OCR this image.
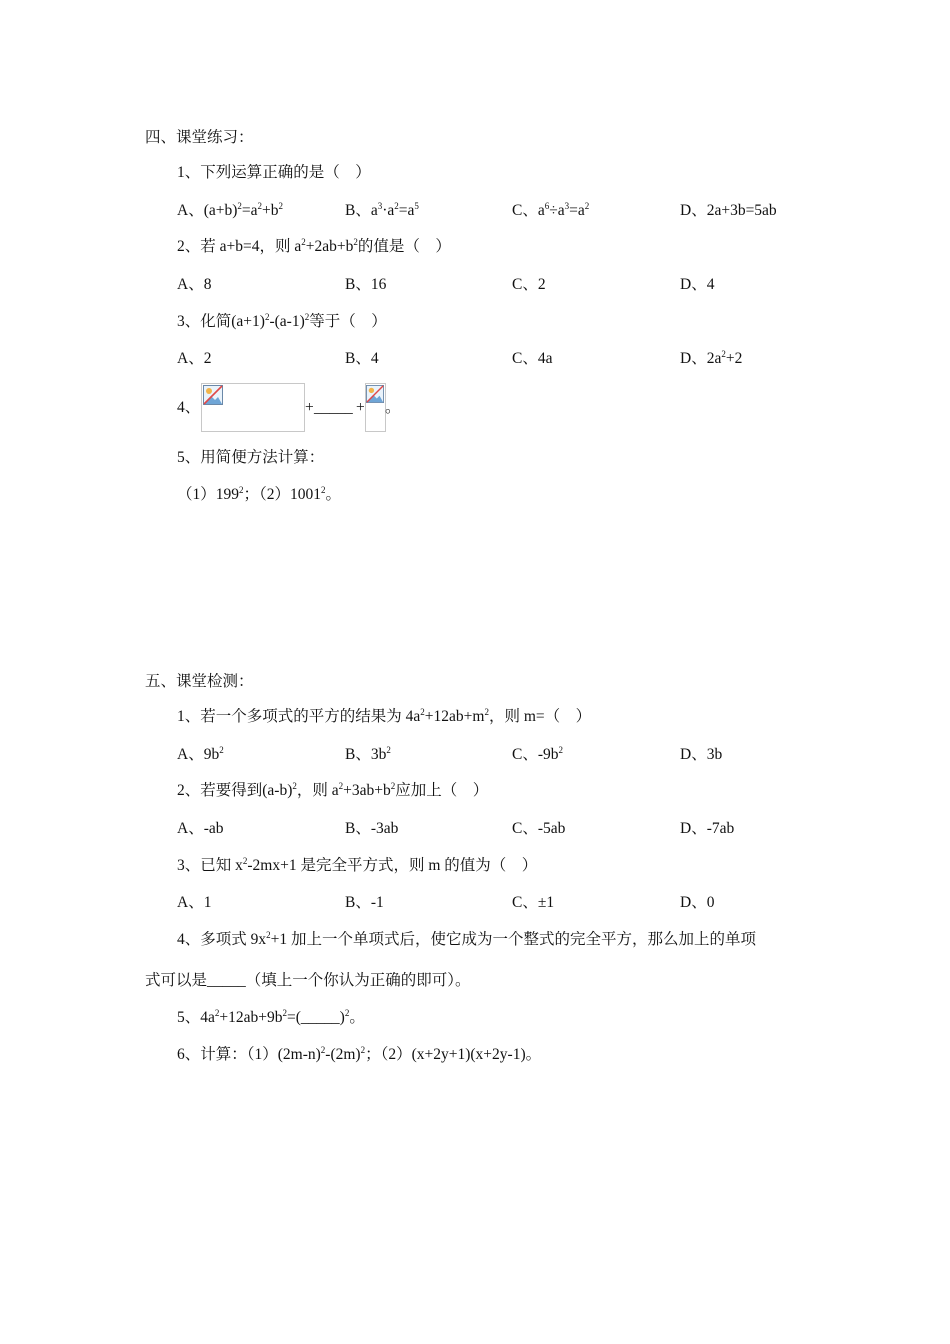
四、课堂练习：
1、下列运算正确的是（　）
A、$(a+b)^2=a^2+b^2$	B、$a^3\cdot a^2=a^5$	C、$a^6\div a^3=a^2$	D、2a+3b=5ab
2、若 a+b=4，则 $a^2+2ab+b^2$的值是（　）
A、8	B、16	C、2	D、4
3、化简$(a+1)^2-(a-1)^2$等于（　）
A、2	B、4	C、4a	D、$2a^2+2$
4、	+ _____ + 。
5、用简便方法计算：
$(1)199^2$；（2）1001$^2$。
五、课堂检测：
1、若一个多项式的平方的结果为 $4a^2+12ab+m^2$，则 m=（　）
A、$9b^2$	B、$3b^2$	C、$-9b^2$	D、3b
2、若要得到$(a-b)^2$，则 $a^2+3ab+b^2$应加上（　）
A、-ab	B、-3ab	C、-5ab	D、-7ab
3、已知 $x^2-2mx+1$ 是完全平方式，则 m 的值为（　）
A、1	B、-1	C、±1	D、0
4、多项式 $9x^2+1$ 加上一个单项式后，使它成为一个整式的完全平方，那么加上的单项
式可以是_____（填上一个你认为正确的即可）。
5、$4a^2+12ab+9b^2=(\_\_\_\_\_)^2$。
6、计算：$(1)(2m-n)^2-(2m)^2$；（2）(x+2y+1)(x+2y-1)。
